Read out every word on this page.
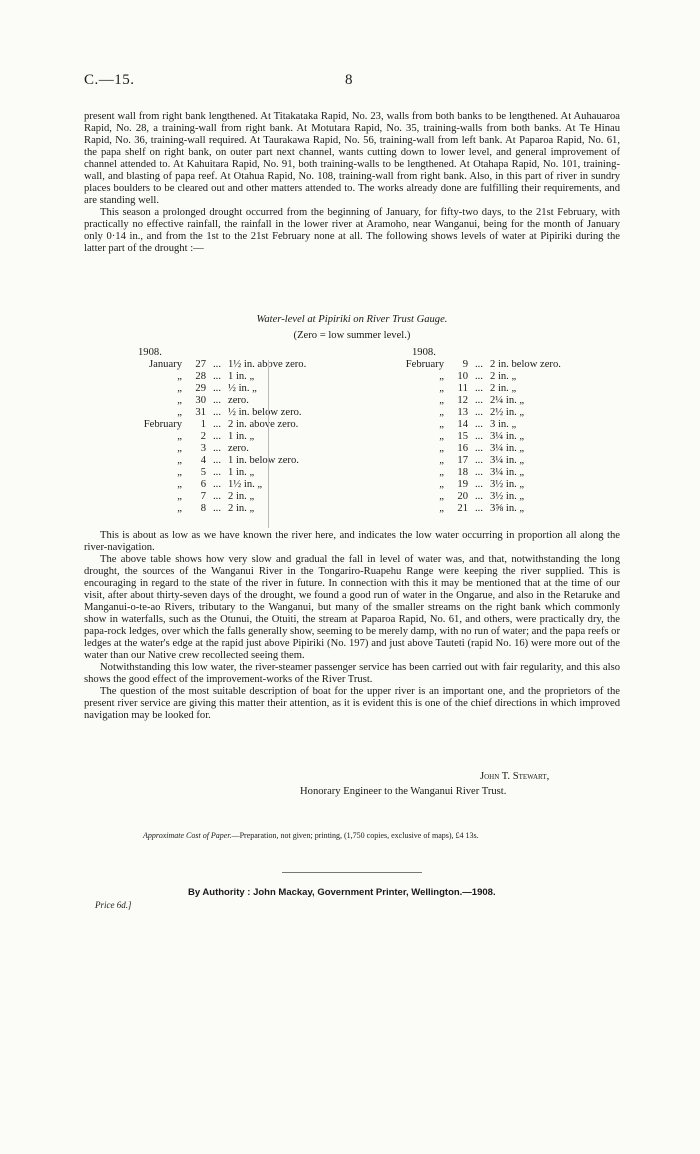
C.—15.	8

present wall from right bank lengthened. At Titakataka Rapid, No. 23, walls from both banks to be lengthened. At Auhauaroa Rapid, No. 28, a training-wall from right bank. At Motutara Rapid, No. 35, training-walls from both banks. At Te Hinau Rapid, No. 36, training-wall required. At Taurakawa Rapid, No. 56, training-wall from left bank. At Paparoa Rapid, No. 61, the papa shelf on right bank, on outer part next channel, wants cutting down to lower level, and general improvement of channel attended to. At Kahuitara Rapid, No. 91, both training-walls to be lengthened. At Otahapa Rapid, No. 101, training-wall, and blasting of papa reef. At Otahua Rapid, No. 108, training-wall from right bank. Also, in this part of river in sundry places boulders to be cleared out and other matters attended to. The works already done are fulfilling their requirements, and are standing well.

This season a prolonged drought occurred from the beginning of January, for fifty-two days, to the 21st February, with practically no effective rainfall, the rainfall in the lower river at Aramoho, near Wanganui, being for the month of January only 0·14 in., and from the 1st to the 21st February none at all. The following shows levels of water at Pipiriki during the latter part of the drought :—

Water-level at Pipiriki on River Trust Gauge.
(Zero = low summer level.)
1908.
January	27 ... 1½ in. above zero.
„	28 ... 1 in. „
„	29 ... ½ in. „
„	30 ... zero.
„	31 ... ½ in. below zero.
February	1 ... 2 in. above zero.
„	2 ... 1 in. „
„	3 ... zero.
„	4 ... 1 in. below zero.
„	5 ... 1 in. „
„	6 ... 1½ in. „
„	7 ... 2 in. „
„	8 ... 2 in. „
1908.
February	9 ... 2 in. below zero.
„	10 ... 2 in. „
„	11 ... 2 in. „
„	12 ... 2¼ in. „
„	13 ... 2½ in. „
„	14 ... 3 in. „
„	15 ... 3¼ in. „
„	16 ... 3¼ in. „
„	17 ... 3¼ in. „
„	18 ... 3¼ in. „
„	19 ... 3½ in. „
„	20 ... 3½ in. „
„	21 ... 3⅝ in. „

This is about as low as we have known the river here, and indicates the low water occurring in proportion all along the river-navigation.

The above table shows how very slow and gradual the fall in level of water was, and that, notwithstanding the long drought, the sources of the Wanganui River in the Tongariro-Ruapehu Range were keeping the river supplied. This is encouraging in regard to the state of the river in future. In connection with this it may be mentioned that at the time of our visit, after about thirty-seven days of the drought, we found a good run of water in the Ongarue, and also in the Retaruke and Manganui-o-te-ao Rivers, tributary to the Wanganui, but many of the smaller streams on the right bank which commonly show in waterfalls, such as the Otunui, the Otuiti, the stream at Paparoa Rapid, No. 61, and others, were practically dry, the papa-rock ledges, over which the falls generally show, seeming to be merely damp, with no run of water; and the papa reefs or ledges at the water's edge at the rapid just above Pipiriki (No. 197) and just above Tauteti (rapid No. 16) were more out of the water than our Native crew recollected seeing them.

Notwithstanding this low water, the river-steamer passenger service has been carried out with fair regularity, and this also shows the good effect of the improvement-works of the River Trust.

The question of the most suitable description of boat for the upper river is an important one, and the proprietors of the present river service are giving this matter their attention, as it is evident this is one of the chief directions in which improved navigation may be looked for.

John T. Stewart,
Honorary Engineer to the Wanganui River Trust.
Approximate Cost of Paper.—Preparation, not given; printing, (1,750 copies, exclusive of maps), £4 13s.
By Authority : John Mackay, Government Printer, Wellington.—1908.
Price 6d.]
